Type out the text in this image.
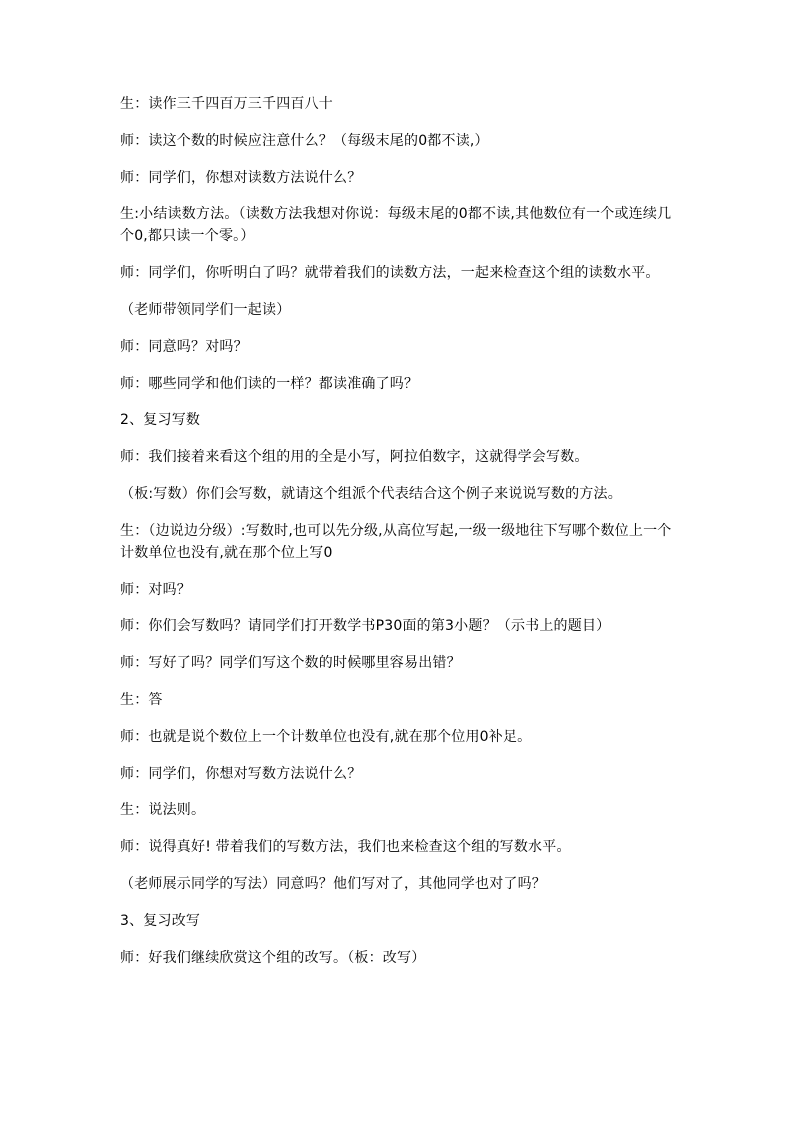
生：读作三千四百万三千四百八十

师：读这个数的时候应注意什么？（每级末尾的0都不读,）

师：同学们，你想对读数方法说什么？

生:小结读数方法。（读数方法我想对你说：每级末尾的0都不读,其他数位有一个或连续几个0,都只读一个零。）

师：同学们，你听明白了吗？就带着我们的读数方法，一起来检查这个组的读数水平。

（老师带领同学们一起读）

师：同意吗？对吗？

师：哪些同学和他们读的一样？都读准确了吗？

2、复习写数

师：我们接着来看这个组的用的全是小写，阿拉伯数字，这就得学会写数。

（板:写数）你们会写数，就请这个组派个代表结合这个例子来说说写数的方法。

生：（边说边分级）:写数时,也可以先分级,从高位写起,一级一级地往下写哪个数位上一个计数单位也没有,就在那个位上写0

师：对吗？

师：你们会写数吗？请同学们打开数学书P30面的第3小题？（示书上的题目）

师：写好了吗？同学们写这个数的时候哪里容易出错？

生：答

师：也就是说个数位上一个计数单位也没有,就在那个位用0补足。

师：同学们，你想对写数方法说什么？

生：说法则。

师：说得真好! 带着我们的写数方法，我们也来检查这个组的写数水平。

（老师展示同学的写法）同意吗？他们写对了，其他同学也对了吗？

3、复习改写

师：好我们继续欣赏这个组的改写。（板：改写）
